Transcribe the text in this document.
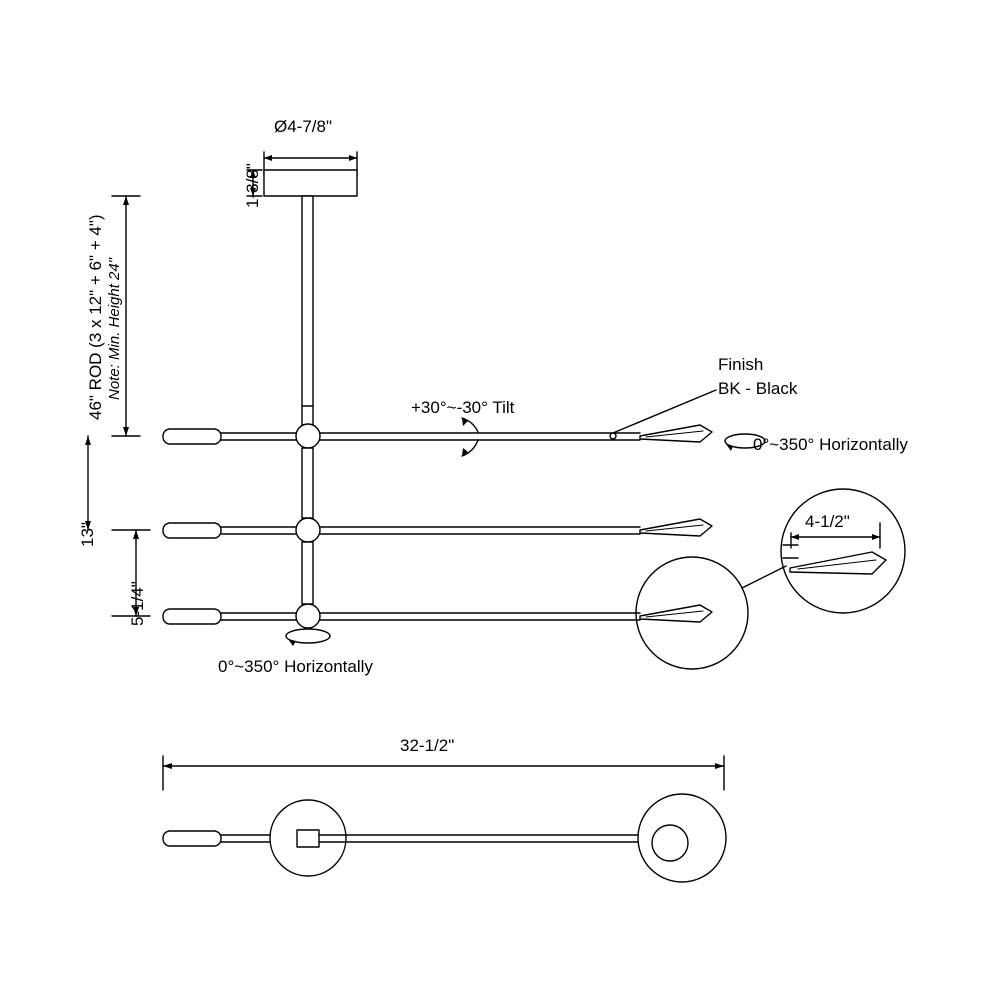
Ø4-7/8"
1-3/8"
46" ROD (3 x 12" + 6" + 4") Note: Min. Height 24"
13"
5-1/4"
+30°~-30° Tilt
Finish
BK - Black
0°~350° Horizontally
0°~350° Horizontally
4-1/2"
32-1/2"
